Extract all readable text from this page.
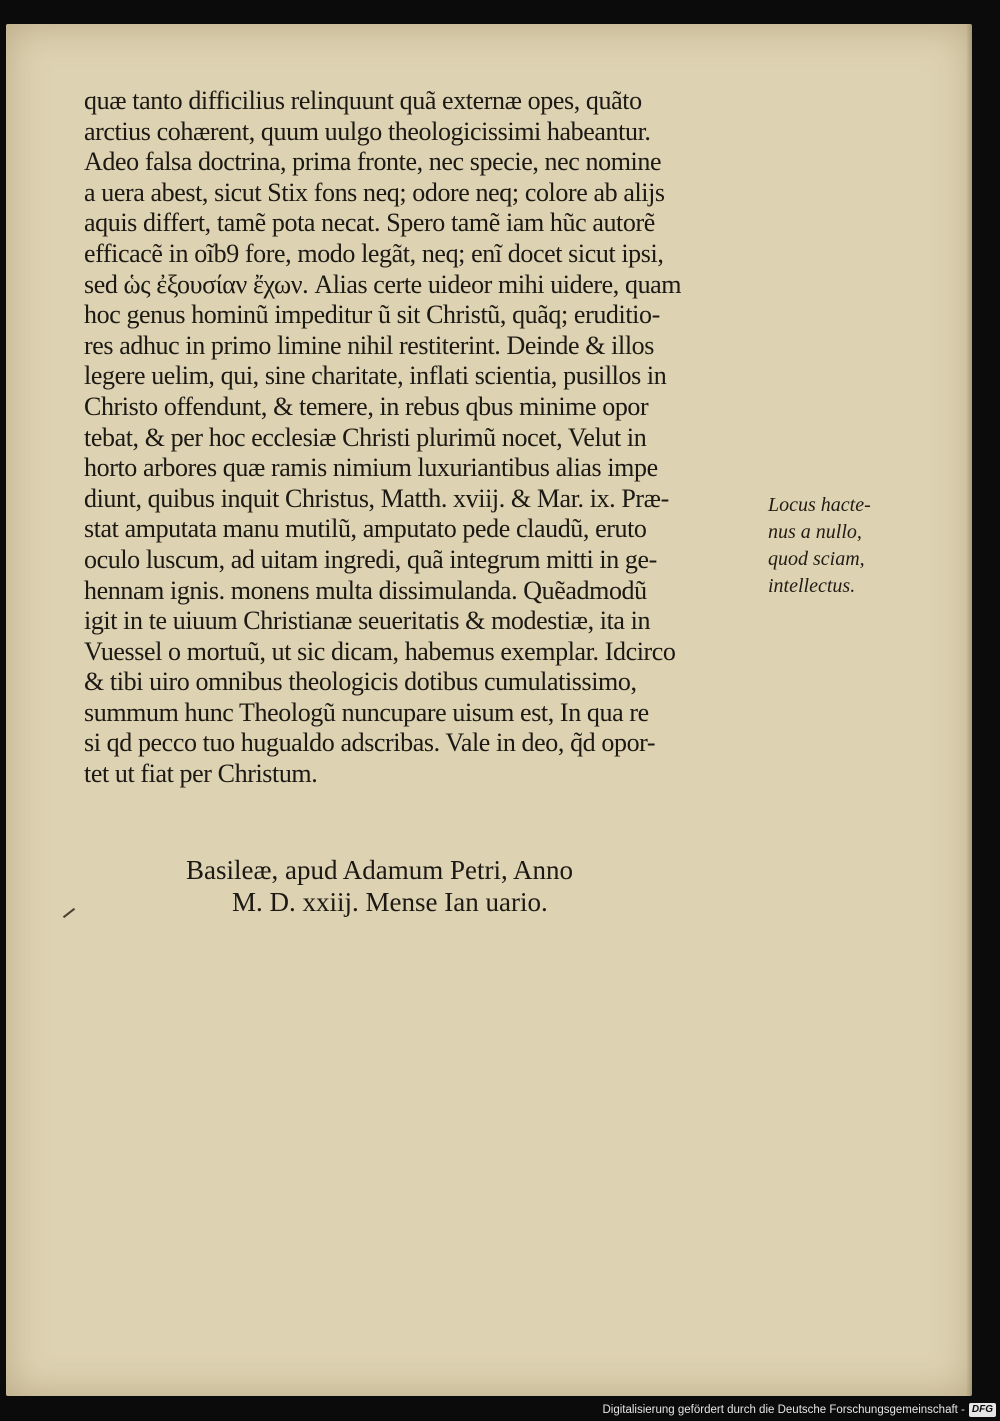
quæ tanto difficilius relinquunt quã externæ opes, quãto
arctius cohærent, quum uulgo theologicissimi habeantur.
Adeo falsa doctrina, prima fronte, nec specie, nec nomine
a uera abest, sicut Stix fons neq; odore neq; colore ab alijs
aquis differt, tamẽ pota necat. Spero tamẽ iam hũc autorẽ
efficacẽ in oĩb9 fore, modo legãt, neq; enĩ docet sicut ipsi,
sed ὡς ἐξουσίαν ἔχων. Alias certe uideor mihi uidere, quam
hoc genus hominũ impeditur ũ sit Christũ, quãq; eruditio-
res adhuc in primo limine nihil restiterint. Deinde & illos
legere uelim, qui, sine charitate, inflati scientia, pusillos in
Christo offendunt, & temere, in rebus qbus minime opor
tebat, & per hoc ecclesiæ Christi plurimũ nocet, Velut in
horto arbores quæ ramis nimium luxuriantibus alias impe
diunt, quibus inquit Christus, Matth. xviij. & Mar. ix. Præ-
stat amputata manu mutilũ, amputato pede claudũ, eruto
oculo luscum, ad uitam ingredi, quã integrum mitti in ge-
hennam ignis. monens multa dissimulanda. Quẽadmodũ
igit in te uiuum Christianæ seueritatis & modestiæ, ita in
Vuessel o mortuũ, ut sic dicam, habemus exemplar. Idcirco
& tibi uiro omnibus theologicis dotibus cumulatissimo,
summum hunc Theologũ nuncupare uisum est, In qua re
si qd pecco tuo hugualdo adscribas. Vale in deo, q̃d opor-
tet ut fiat per Christum.
Locus hacte-
nus a nullo,
quod sciam,
intellectus.
Basileæ, apud Adamum Petri, Anno
M. D. xxiij. Mense Ian uario.
Digitalisierung gefördert durch die Deutsche Forschungsgemeinschaft - DFG
